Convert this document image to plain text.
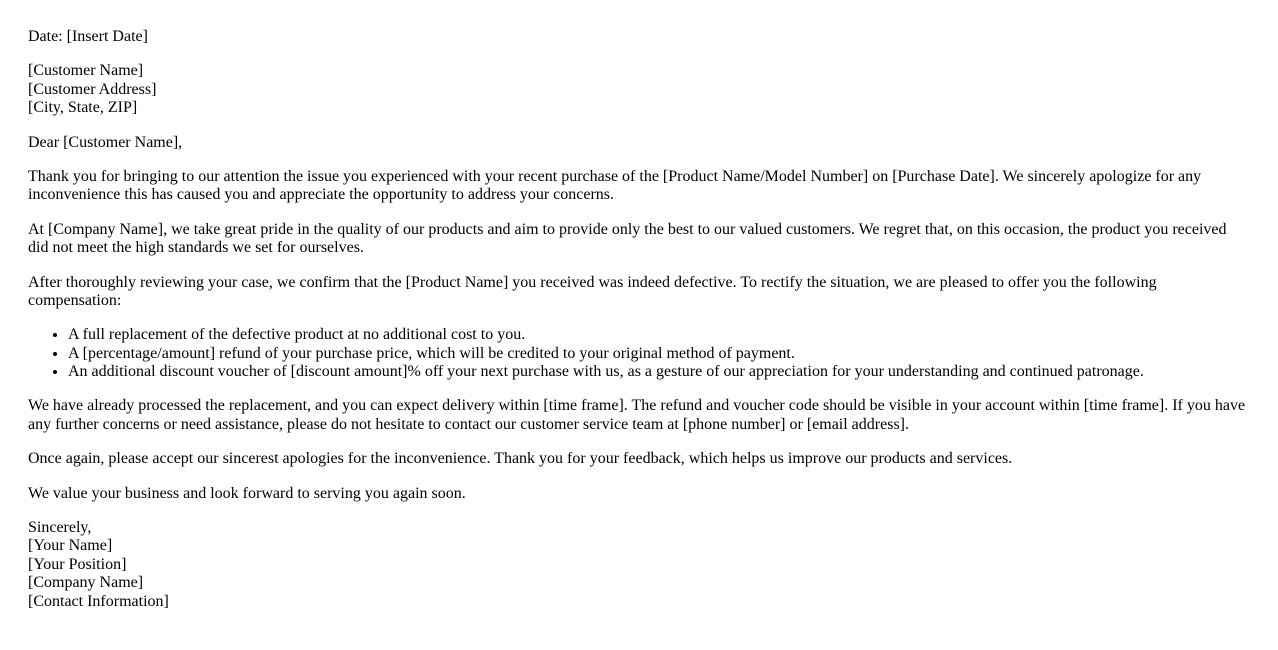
Date: [Insert Date]

[Customer Name]
[Customer Address]
[City, State, ZIP]

Dear [Customer Name],

Thank you for bringing to our attention the issue you experienced with your recent purchase of the [Product Name/Model Number] on [Purchase Date]. We sincerely apologize for any inconvenience this has caused you and appreciate the opportunity to address your concerns.

At [Company Name], we take great pride in the quality of our products and aim to provide only the best to our valued customers. We regret that, on this occasion, the product you received did not meet the high standards we set for ourselves.

After thoroughly reviewing your case, we confirm that the [Product Name] you received was indeed defective. To rectify the situation, we are pleased to offer you the following compensation:

• A full replacement of the defective product at no additional cost to you.
• A [percentage/amount] refund of your purchase price, which will be credited to your original method of payment.
• An additional discount voucher of [discount amount]% off your next purchase with us, as a gesture of our appreciation for your understanding and continued patronage.

We have already processed the replacement, and you can expect delivery within [time frame]. The refund and voucher code should be visible in your account within [time frame]. If you have any further concerns or need assistance, please do not hesitate to contact our customer service team at [phone number] or [email address].

Once again, please accept our sincerest apologies for the inconvenience. Thank you for your feedback, which helps us improve our products and services.

We value your business and look forward to serving you again soon.

Sincerely,
[Your Name]
[Your Position]
[Company Name]
[Contact Information]
